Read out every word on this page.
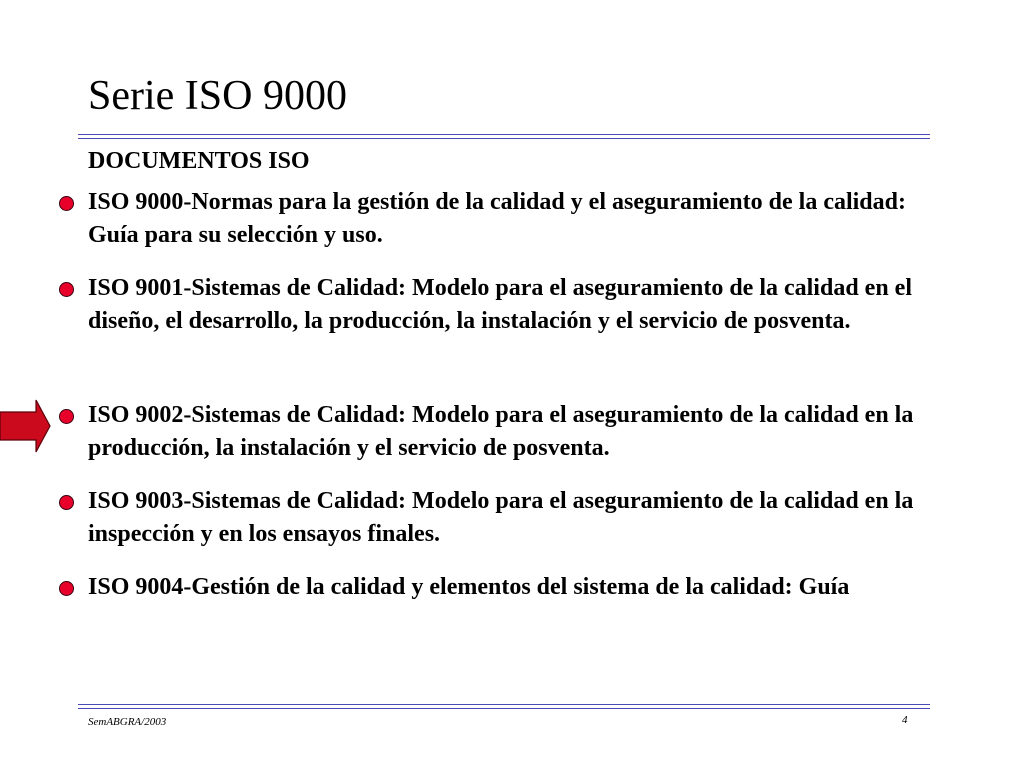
Serie ISO 9000
DOCUMENTOS ISO
ISO 9000-Normas para la gestión de la calidad y el aseguramiento de la calidad: Guía para su selección y uso.
ISO 9001-Sistemas de Calidad: Modelo para el aseguramiento de la calidad en el diseño, el desarrollo, la producción, la instalación y el servicio de posventa.
ISO 9002-Sistemas de Calidad: Modelo para el aseguramiento de la calidad en la producción, la instalación y el servicio de posventa.
ISO 9003-Sistemas de Calidad: Modelo para el aseguramiento de la calidad en la inspección y en los ensayos finales.
ISO 9004-Gestión de la calidad y elementos del sistema de la calidad: Guía
SemABGRA/2003	4
